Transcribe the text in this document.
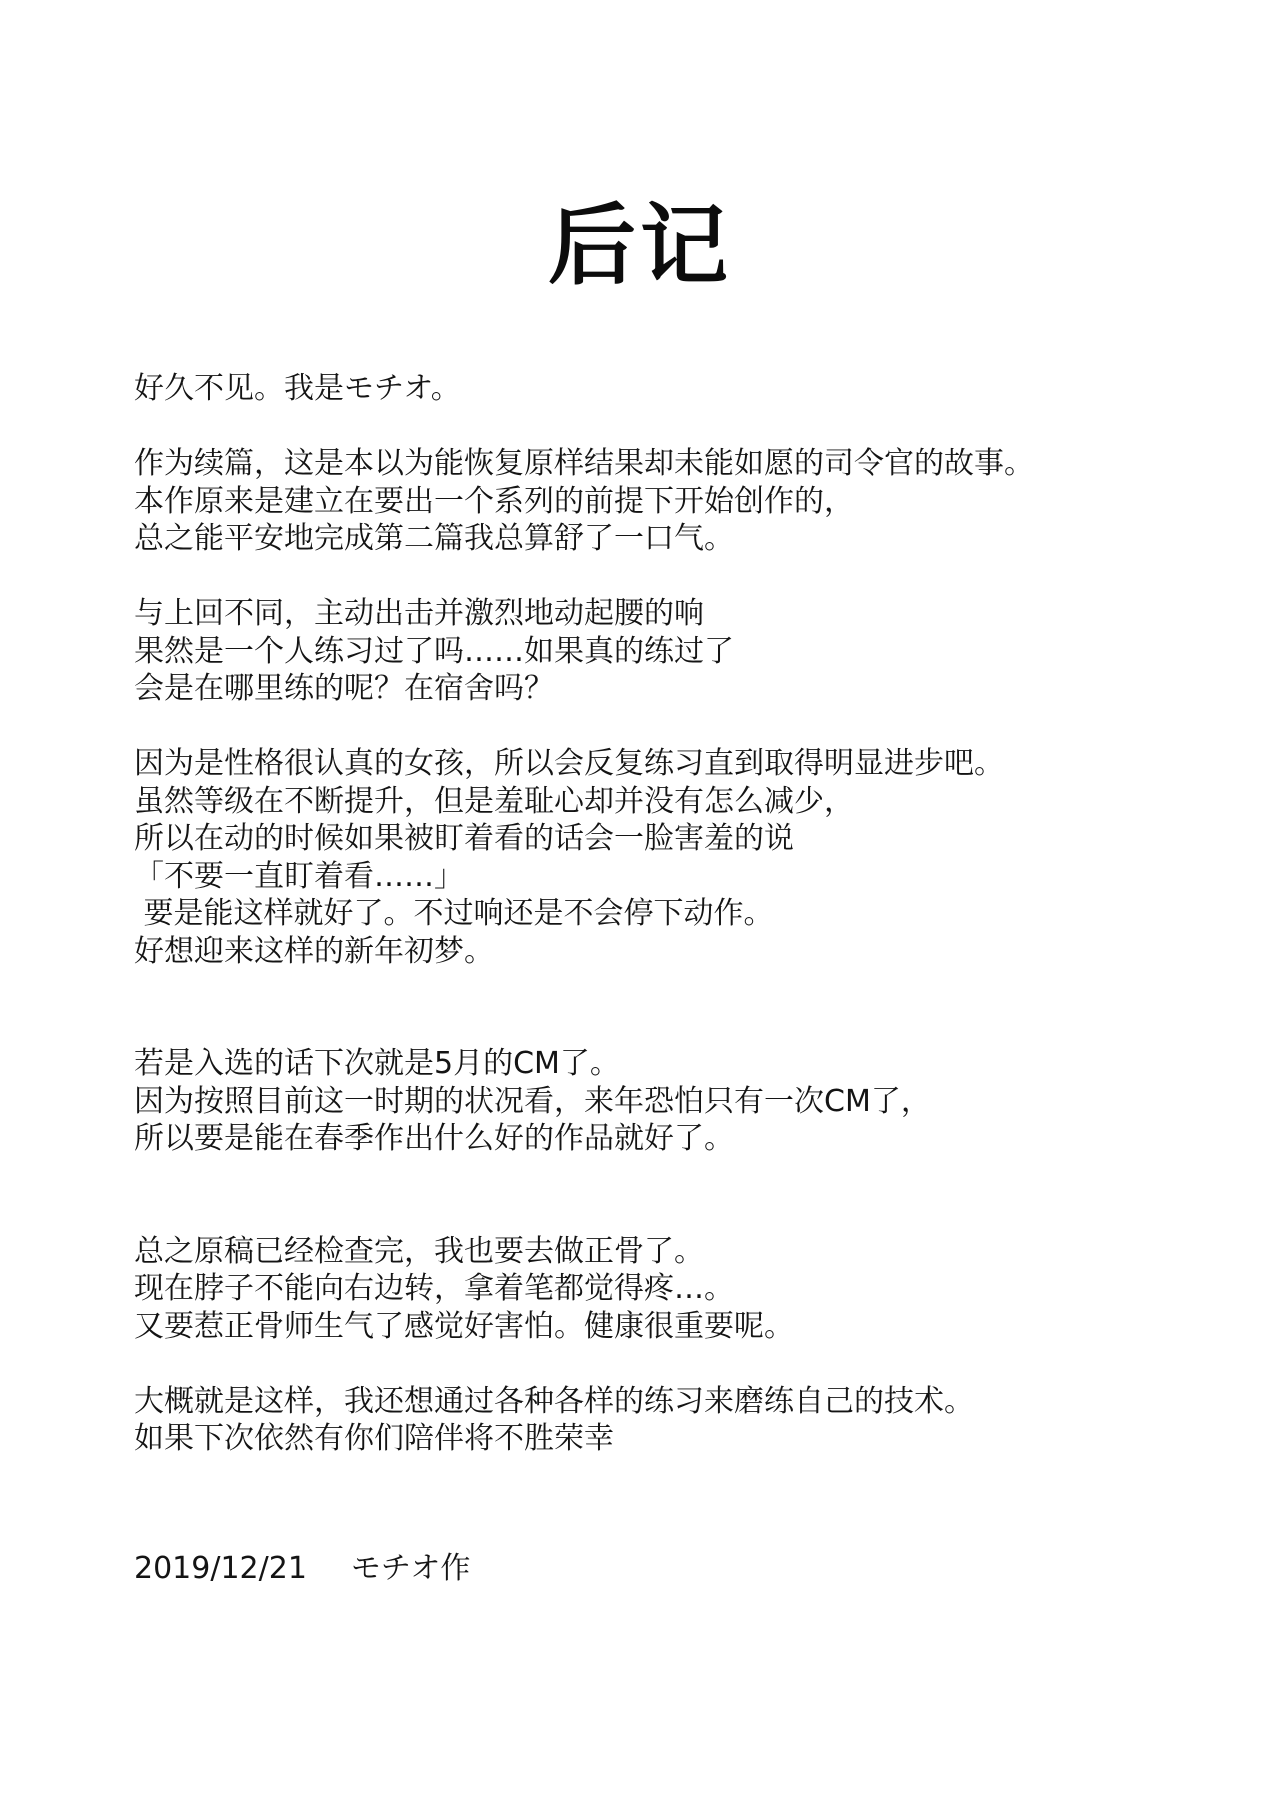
后记
好久不见。我是モチオ。
作为续篇，这是本以为能恢复原样结果却未能如愿的司令官的故事。
本作原来是建立在要出一个系列的前提下开始创作的，
总之能平安地完成第二篇我总算舒了一口气。
与上回不同，主动出击并激烈地动起腰的响
果然是一个人练习过了吗……如果真的练过了
会是在哪里练的呢？在宿舍吗？
因为是性格很认真的女孩，所以会反复练习直到取得明显进步吧。
虽然等级在不断提升，但是羞耻心却并没有怎么减少，
所以在动的时候如果被盯着看的话会一脸害羞的说
「不要一直盯着看……」
要是能这样就好了。不过响还是不会停下动作。
好想迎来这样的新年初梦。
若是入选的话下次就是5月的CM了。
因为按照目前这一时期的状况看，来年恐怕只有一次CM了，
所以要是能在春季作出什么好的作品就好了。
总之原稿已经检查完，我也要去做正骨了。
现在脖子不能向右边转，拿着笔都觉得疼…。
又要惹正骨师生气了感觉好害怕。健康很重要呢。
大概就是这样，我还想通过各种各样的练习来磨练自己的技术。
如果下次依然有你们陪伴将不胜荣幸
2019/12/21 モチオ作
